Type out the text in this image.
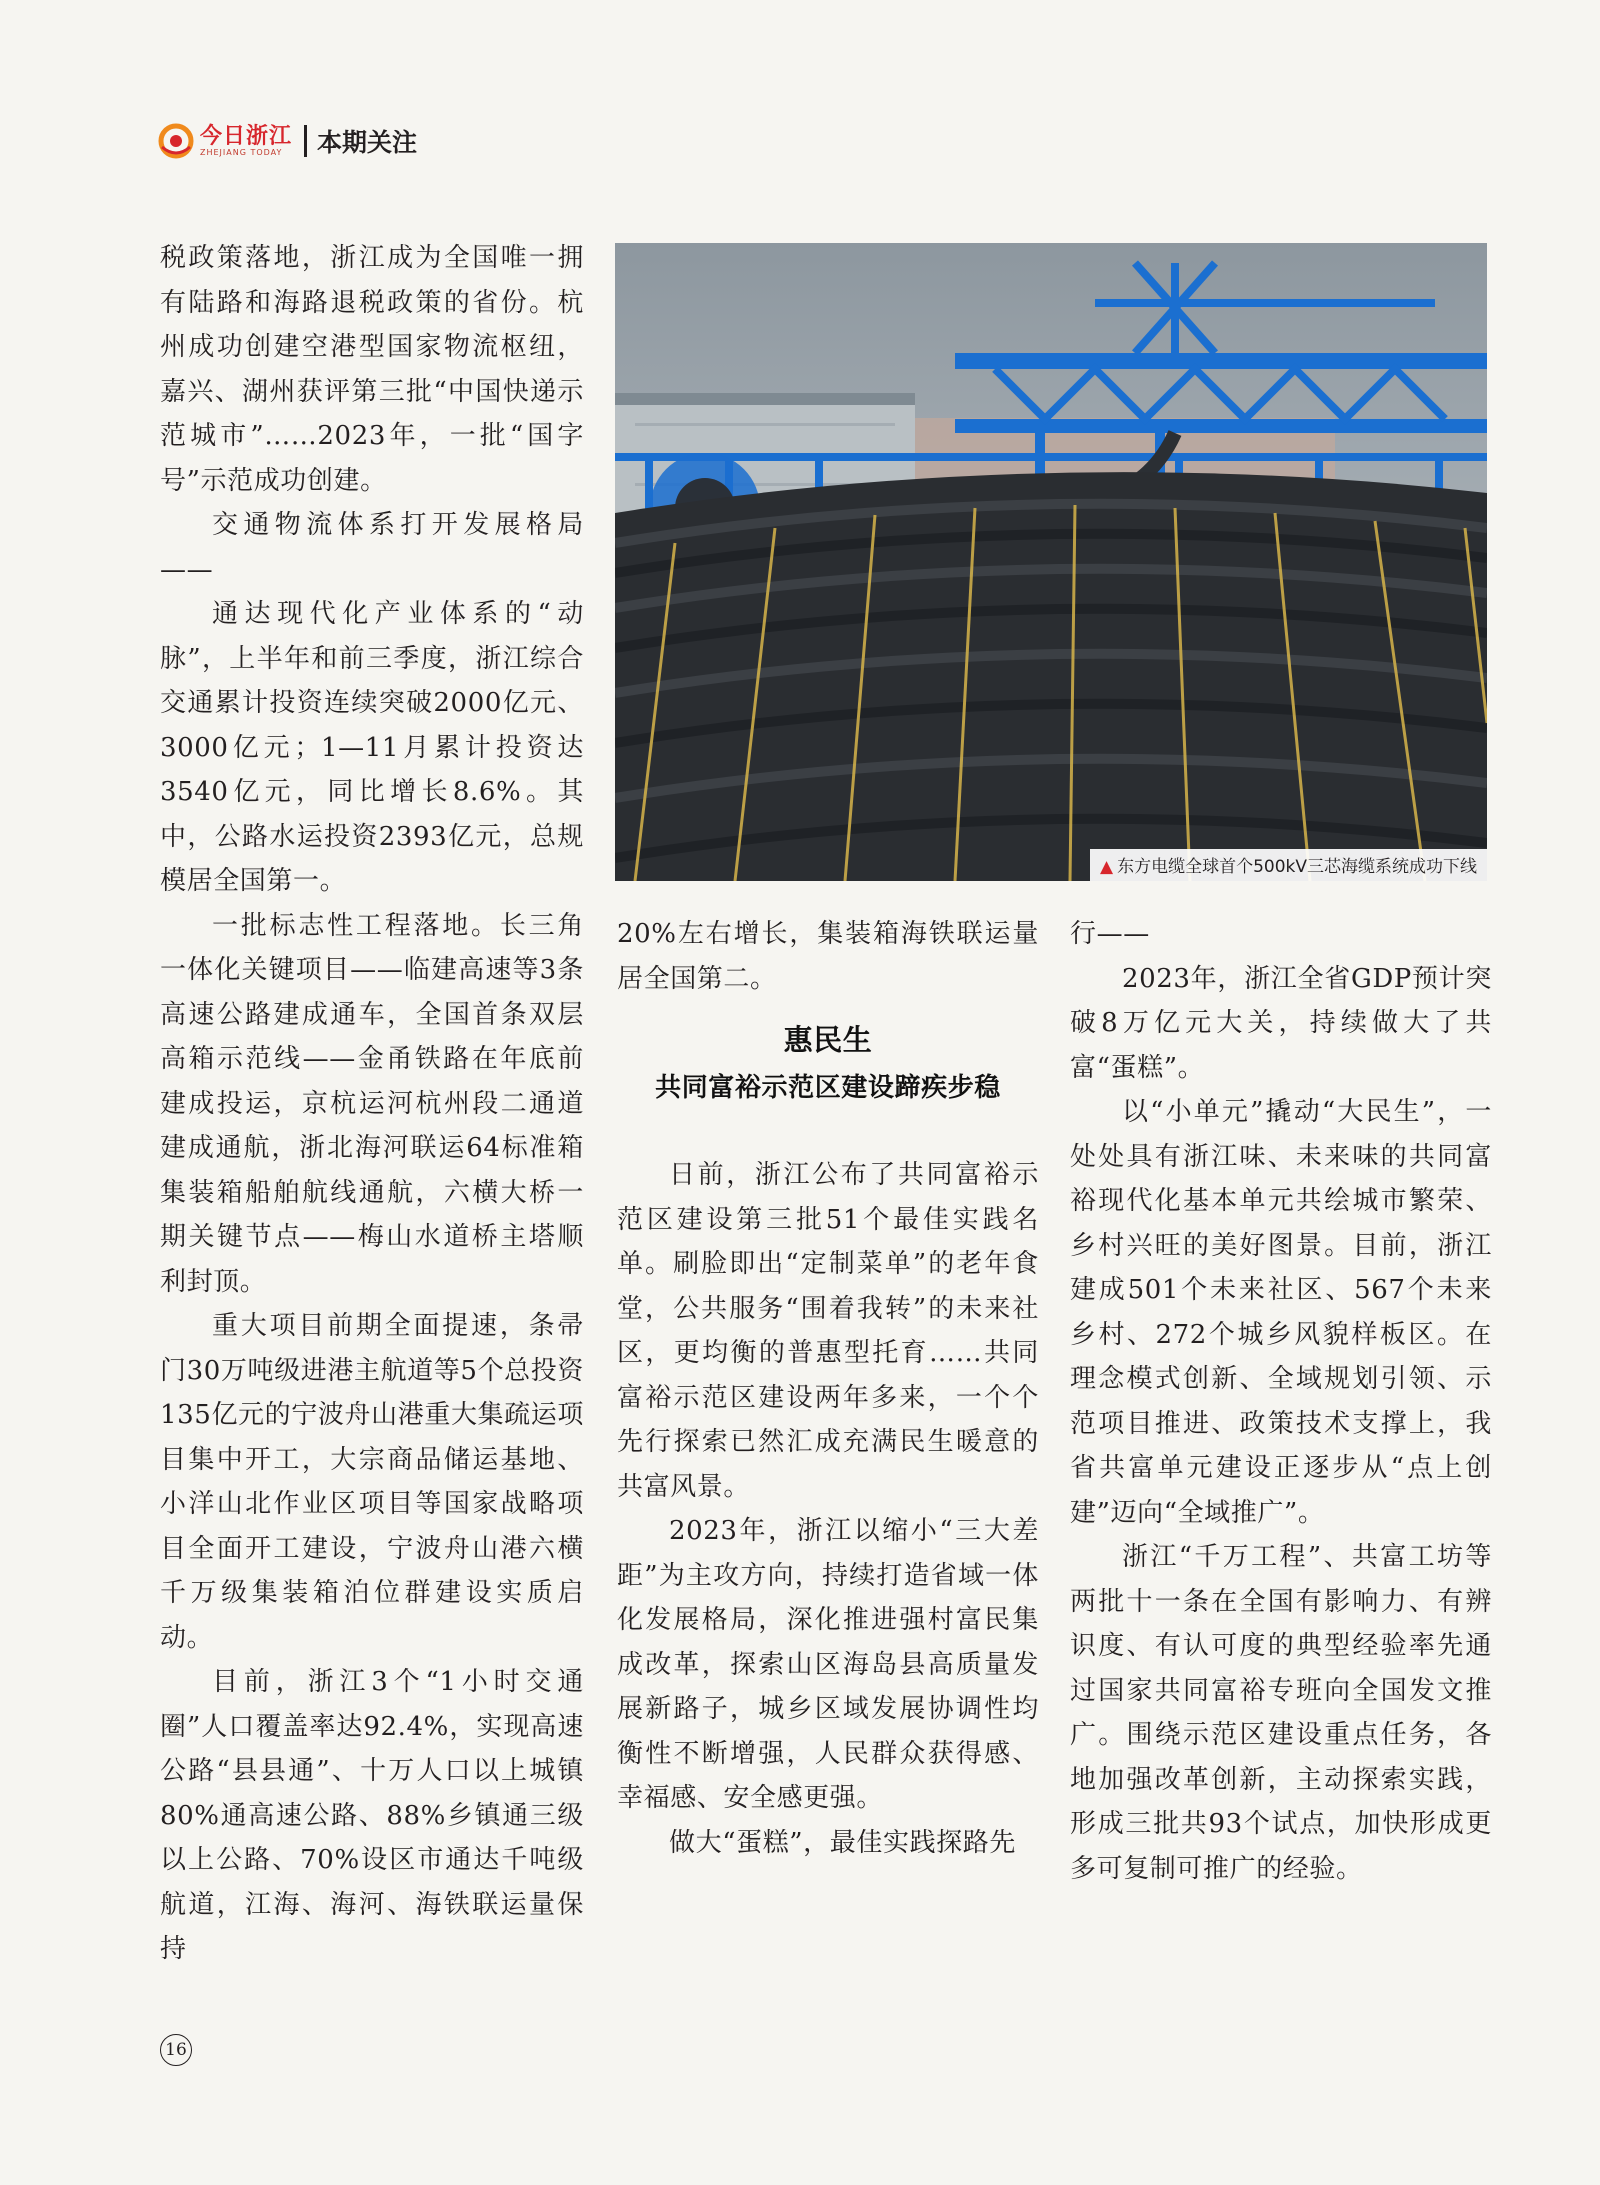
今日浙江
ZHEJIANG TODAY	本期关注

税政策落地，浙江成为全国唯一拥有陆路和海路退税政策的省份。杭州成功创建空港型国家物流枢纽，嘉兴、湖州获评第三批“中国快递示范城市”……2023年，一批“国字号”示范成功创建。

交通物流体系打开发展格局——

通达现代化产业体系的“动脉”，上半年和前三季度，浙江综合交通累计投资连续突破2000亿元、3000亿元；1—11月累计投资达3540亿元，同比增长8.6%。其中，公路水运投资2393亿元，总规模居全国第一。

一批标志性工程落地。长三角一体化关键项目——临建高速等3条高速公路建成通车，全国首条双层高箱示范线——金甬铁路在年底前建成投运，京杭运河杭州段二通道建成通航，浙北海河联运64标准箱集装箱船舶航线通航，六横大桥一期关键节点——梅山水道桥主塔顺利封顶。

重大项目前期全面提速，条帚门30万吨级进港主航道等5个总投资135亿元的宁波舟山港重大集疏运项目集中开工，大宗商品储运基地、小洋山北作业区项目等国家战略项目全面开工建设，宁波舟山港六横千万级集装箱泊位群建设实质启动。

目前，浙江3个“1小时交通圈”人口覆盖率达92.4%，实现高速公路“县县通”、十万人口以上城镇80%通高速公路、88%乡镇通三级以上公路、70%设区市通达千吨级航道，江海、海河、海铁联运量保持

▲ 东方电缆全球首个500kV三芯海缆系统成功下线

20%左右增长，集装箱海铁联运量居全国第二。

惠民生
共同富裕示范区建设蹄疾步稳

日前，浙江公布了共同富裕示范区建设第三批51个最佳实践名单。刷脸即出“定制菜单”的老年食堂，公共服务“围着我转”的未来社区，更均衡的普惠型托育……共同富裕示范区建设两年多来，一个个先行探索已然汇成充满民生暖意的共富风景。

2023年，浙江以缩小“三大差距”为主攻方向，持续打造省域一体化发展格局，深化推进强村富民集成改革，探索山区海岛县高质量发展新路子，城乡区域发展协调性均衡性不断增强，人民群众获得感、幸福感、安全感更强。

做大“蛋糕”，最佳实践探路先

行——

2023年，浙江全省GDP预计突破8万亿元大关，持续做大了共富“蛋糕”。

以“小单元”撬动“大民生”，一处处具有浙江味、未来味的共同富裕现代化基本单元共绘城市繁荣、乡村兴旺的美好图景。目前，浙江建成501个未来社区、567个未来乡村、272个城乡风貌样板区。在理念模式创新、全域规划引领、示范项目推进、政策技术支撑上，我省共富单元建设正逐步从“点上创建”迈向“全域推广”。

浙江“千万工程”、共富工坊等两批十一条在全国有影响力、有辨识度、有认可度的典型经验率先通过国家共同富裕专班向全国发文推广。围绕示范区建设重点任务，各地加强改革创新，主动探索实践，形成三批共93个试点，加快形成更多可复制可推广的经验。

16
